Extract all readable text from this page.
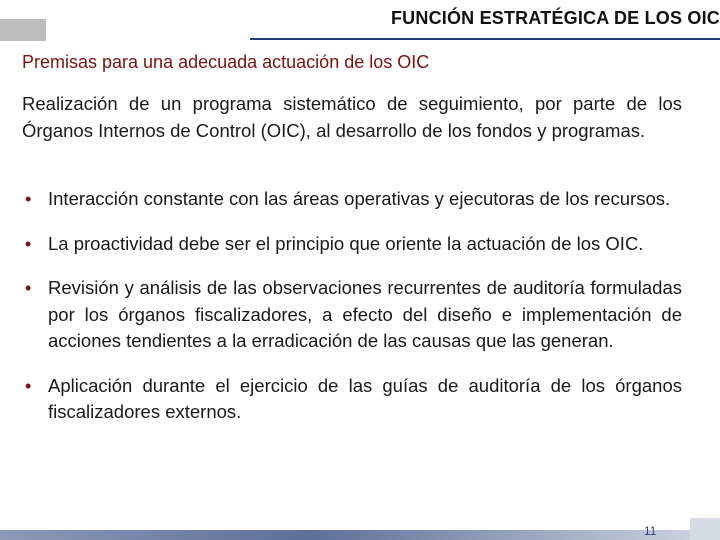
FUNCIÓN ESTRATÉGICA DE LOS OIC
Premisas para una adecuada actuación de los OIC
Realización de un programa sistemático de seguimiento, por parte de los Órganos Internos de Control (OIC), al desarrollo de los fondos y programas.
• Interacción constante con las áreas operativas y ejecutoras de los recursos.
• La proactividad debe ser el principio que oriente la actuación de los OIC.
• Revisión y análisis de las observaciones recurrentes de auditoría formuladas por los órganos fiscalizadores, a efecto del diseño e implementación de acciones tendientes a la erradicación de las causas que las generan.
• Aplicación durante el ejercicio de las guías de auditoría de los órganos fiscalizadores externos.
11
